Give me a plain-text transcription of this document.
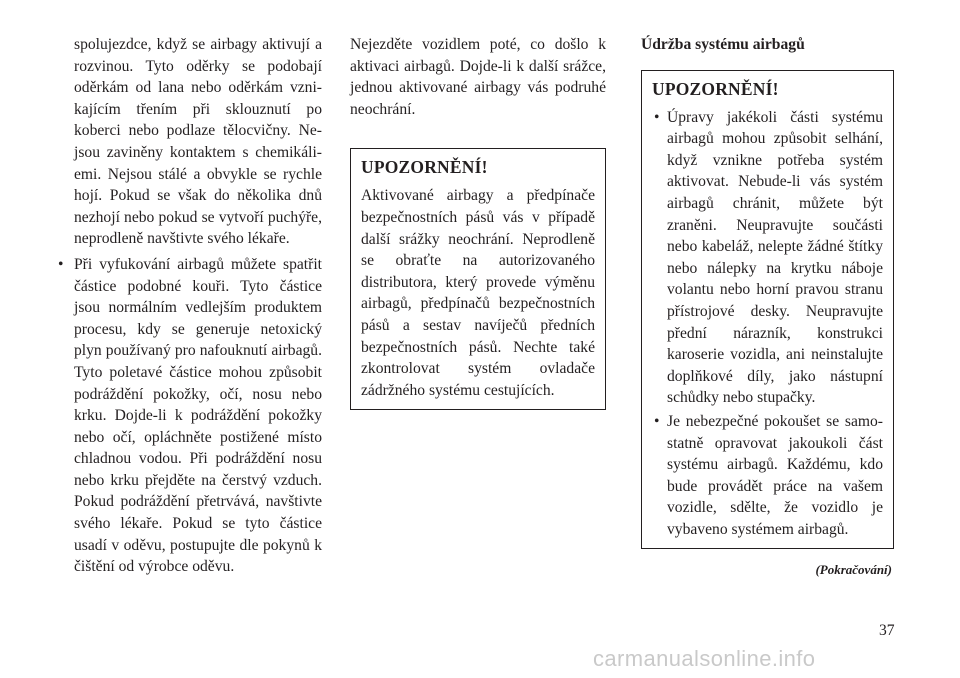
spolujezdce, když se airbagy aktivují a rozvinou. Tyto oděrky se podobají oděrkám od lana nebo oděrkám vznikajícím třením při sklouznutí po koberci nebo podlaze tělocvičny. Nejsou zaviněny kontaktem s chemikáliemi. Nejsou stálé a obvykle se rychle hojí. Pokud se však do několika dnů nezhojí nebo pokud se vytvoří puchýře, neprodleně navštivte svého lékaře.

• Při vyfukování airbagů můžete spatřit částice podobné kouři. Tyto částice jsou normálním vedlejším produktem procesu, kdy se generuje netoxický plyn používaný pro nafouknutí airbagů. Tyto poletavé částice mohou způsobit podráždění pokožky, očí, nosu nebo krku. Dojde-li k podráždění pokožky nebo očí, opláchněte postižené místo chladnou vodou. Při podráždění nosu nebo krku přejděte na čerstvý vzduch. Pokud podráždění přetrvává, navštivte svého lékaře. Pokud se tyto částice usadí v oděvu, postupujte dle pokynů k čištění od výrobce oděvu.

Nejezděte vozidlem poté, co došlo k aktivaci airbagů. Dojde-li k další srážce, jednou aktivované airbagy vás podruhé neochrání.

UPOZORNĚNÍ!

Aktivované airbagy a předpínače bezpečnostních pásů vás v případě další srážky neochrání. Neprodleně se obraťte na autorizovaného distributora, který provede výměnu airbagů, předpínačů bezpečnostních pásů a sestav navíječů předních bezpečnostních pásů. Nechte také zkontrolovat systém ovladače zádržného systému cestujících.

Údržba systému airbagů
UPOZORNĚNÍ!

• Úpravy jakékoli části systému airbagů mohou způsobit selhání, když vznikne potřeba systém aktivovat. Nebude-li vás systém airbagů chránit, můžete být zraněni. Neupravujte součásti nebo kabeláž, nelepte žádné štítky nebo nálepky na krytku náboje volantu nebo horní pravou stranu přístrojové desky. Neupravujte přední nárazník, konstrukci karoserie vozidla, ani neinstalujte doplňkové díly, jako nástupní schůdky nebo stupačky.

• Je nebezpečné pokoušet se samostatně opravovat jakoukoli část systému airbagů. Každému, kdo bude provádět práce na vašem vozidle, sdělte, že vozidlo je vybaveno systémem airbagů.

(Pokračování)
37
carmanualsonline.info
